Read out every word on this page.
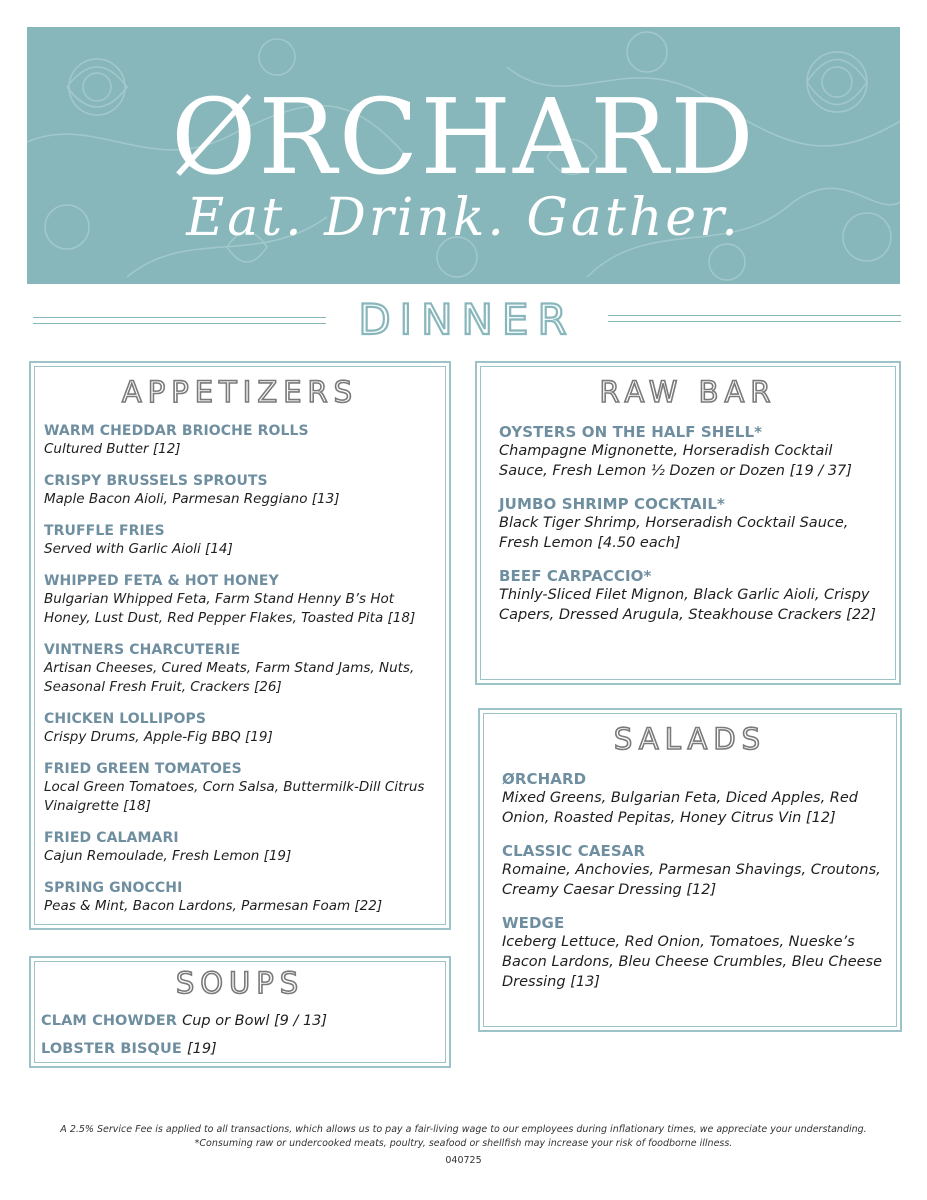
ØRCHARD
Eat. Drink. Gather.
DINNER
APPETIZERS
WARM CHEDDAR BRIOCHE ROLLS
Cultured Butter [12]
CRISPY BRUSSELS SPROUTS
Maple Bacon Aioli, Parmesan Reggiano [13]
TRUFFLE FRIES
Served with Garlic Aioli [14]
WHIPPED FETA & HOT HONEY
Bulgarian Whipped Feta, Farm Stand Henny B’s Hot Honey, Lust Dust, Red Pepper Flakes, Toasted Pita [18]
VINTNERS CHARCUTERIE
Artisan Cheeses, Cured Meats, Farm Stand Jams, Nuts, Seasonal Fresh Fruit, Crackers [26]
CHICKEN LOLLIPOPS
Crispy Drums, Apple-Fig BBQ [19]
FRIED GREEN TOMATOES
Local Green Tomatoes, Corn Salsa, Buttermilk-Dill Citrus Vinaigrette [18]
FRIED CALAMARI
Cajun Remoulade, Fresh Lemon [19]
SPRING GNOCCHI
Peas & Mint, Bacon Lardons, Parmesan Foam [22]
RAW BAR
OYSTERS ON THE HALF SHELL*
Champagne Mignonette, Horseradish Cocktail Sauce, Fresh Lemon ½ Dozen or Dozen [19 / 37]
JUMBO SHRIMP COCKTAIL*
Black Tiger Shrimp, Horseradish Cocktail Sauce, Fresh Lemon [4.50 each]
BEEF CARPACCIO*
Thinly-Sliced Filet Mignon, Black Garlic Aioli, Crispy Capers, Dressed Arugula, Steakhouse Crackers [22]
SALADS
ØRCHARD
Mixed Greens, Bulgarian Feta, Diced Apples, Red Onion, Roasted Pepitas, Honey Citrus Vin [12]
CLASSIC CAESAR
Romaine, Anchovies, Parmesan Shavings, Croutons, Creamy Caesar Dressing [12]
WEDGE
Iceberg Lettuce, Red Onion, Tomatoes, Nueske’s Bacon Lardons, Bleu Cheese Crumbles, Bleu Cheese Dressing [13]
SOUPS
CLAM CHOWDER Cup or Bowl [9 / 13]
LOBSTER BISQUE [19]
A 2.5% Service Fee is applied to all transactions, which allows us to pay a fair-living wage to our employees during inflationary times, we appreciate your understanding.
*Consuming raw or undercooked meats, poultry, seafood or shellfish may increase your risk of foodborne illness.
040725
